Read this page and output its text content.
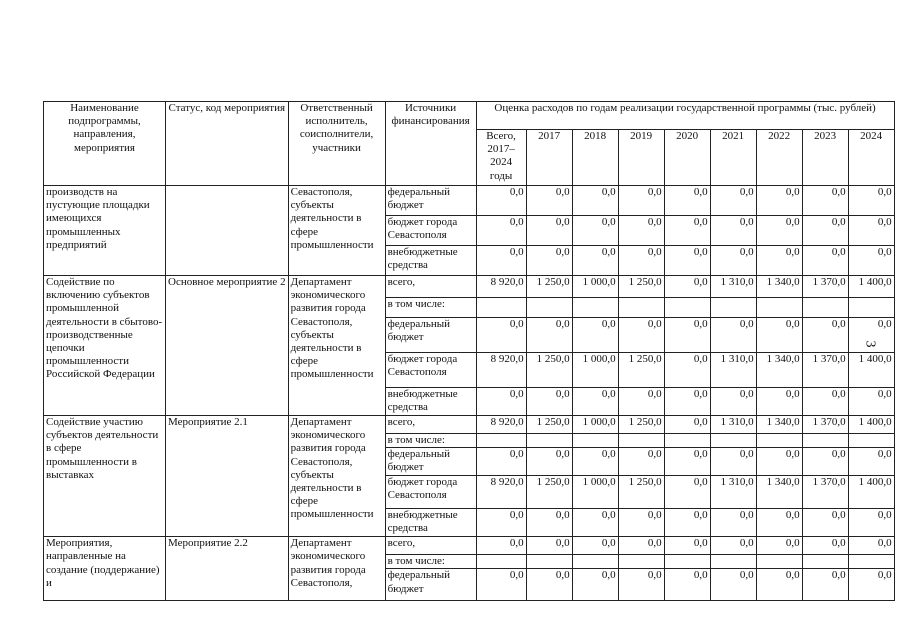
Наименование подпрограммы, направления, мероприятия	Статус, код мероприятия	Ответственный исполнитель, соисполнители, участники	Источники финансирования	Оценка расходов по годам реализации государственной программы (тыс. рублей)								
				Всего, 2017–2024 годы	2017	2018	2019	2020	2021	2022	2023	2024
производств на пустующие площадки имеющихся промышленных предприятий		Севастополя, субъекты деятельности в сфере промышленности	федеральный бюджет	0,0	0,0	0,0	0,0	0,0	0,0	0,0	0,0	0,0
			бюджет города Севастополя	0,0	0,0	0,0	0,0	0,0	0,0	0,0	0,0	0,0
			внебюджетные средства	0,0	0,0	0,0	0,0	0,0	0,0	0,0	0,0	0,0
Содействие по включению субъектов промышленной деятельности в сбытово-производственные цепочки промышленности Российской Федерации	Основное мероприятие 2	Департамент экономического развития города Севастополя, субъекты деятельности в сфере промышленности	всего,	8 920,0	1 250,0	1 000,0	1 250,0	0,0	1 310,0	1 340,0	1 370,0	1 400,0
			в том числе:									
			федеральный бюджет	0,0	0,0	0,0	0,0	0,0	0,0	0,0	0,0	0,0
			бюджет города Севастополя	8 920,0	1 250,0	1 000,0	1 250,0	0,0	1 310,0	1 340,0	1 370,0	1 400,0
			внебюджетные средства	0,0	0,0	0,0	0,0	0,0	0,0	0,0	0,0	0,0
Содействие участию субъектов деятельности в сфере промышленности в выставках	Мероприятие 2.1	Департамент экономического развития города Севастополя, субъекты деятельности в сфере промышленности	всего,	8 920,0	1 250,0	1 000,0	1 250,0	0,0	1 310,0	1 340,0	1 370,0	1 400,0
			в том числе:									
			федеральный бюджет	0,0	0,0	0,0	0,0	0,0	0,0	0,0	0,0	0,0
			бюджет города Севастополя	8 920,0	1 250,0	1 000,0	1 250,0	0,0	1 310,0	1 340,0	1 370,0	1 400,0
			внебюджетные средства	0,0	0,0	0,0	0,0	0,0	0,0	0,0	0,0	0,0
Мероприятия, направленные на создание (поддержание) и	Мероприятие 2.2	Департамент экономического развития города Севастополя,	всего,	0,0	0,0	0,0	0,0	0,0	0,0	0,0	0,0	0,0
			в том числе:									
			федеральный бюджет	0,0	0,0	0,0	0,0	0,0	0,0	0,0	0,0	0,0
3
